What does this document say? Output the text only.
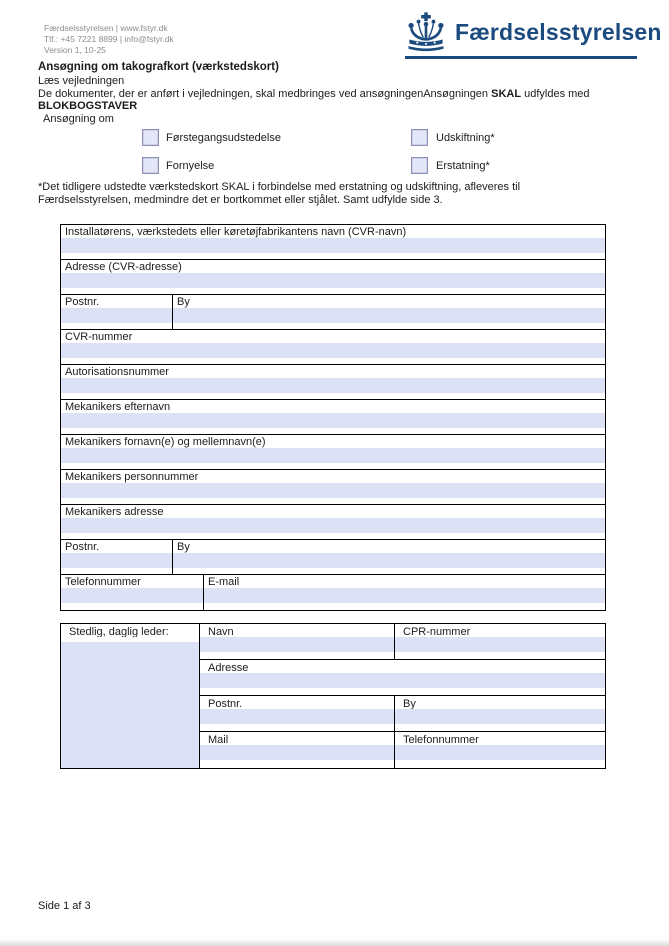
Færdselsstyrelsen | www.fstyr.dk
Tlf.: +45 7221 8899 | info@fstyr.dk
Version 1, 10-25
Færdselsstyrelsen
Ansøgning om takografkort (værkstedskort)
Læs vejledningen
De dokumenter, der er anført i vejledningen, skal medbringes ved ansøgningenAnsøgningen SKAL udfyldes med
BLOKBOGSTAVER
Ansøgning om
Førstegangsudstedelse	Udskiftning*
Fornyelse	Erstatning*
*Det tidligere udstedte værkstedskort SKAL i forbindelse med erstatning og udskiftning, afleveres til
Færdselsstyrelsen, medmindre det er bortkommet eller stjålet. Samt udfylde side 3.
Installatørens, værkstedets eller køretøjfabrikantens navn (CVR-navn)
Adresse (CVR-adresse)
Postnr.	By
CVR-nummer
Autorisationsnummer
Mekanikers efternavn
Mekanikers fornavn(e) og mellemnavn(e)
Mekanikers personnummer
Mekanikers adresse
Postnr.	By
Telefonnummer	E-mail
Stedlig, daglig leder:	Navn	CPR-nummer
Adresse
Postnr.	By
Mail	Telefonnummer
Side 1 af 3
